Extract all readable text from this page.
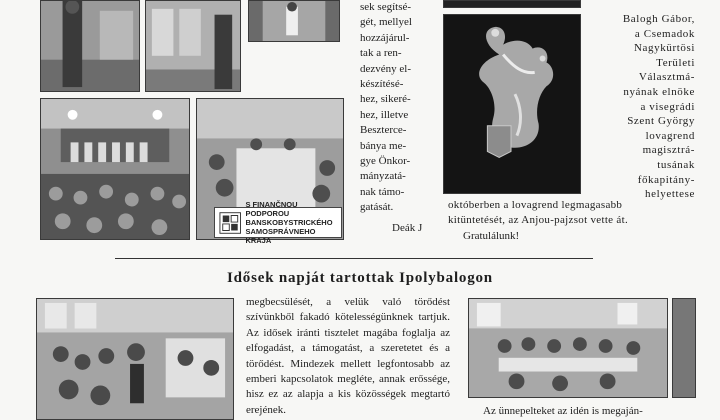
S FINANČNOU PODPOROU
BANSKOBYSTRICKÉHO
SAMOSPRÁVNEHO KRAJA

sek segítsé-

gét, mellyel

hozzájárul-

tak a ren-

dezvény el-

készítésé-

hez, sikeré-

hez, illetve

Beszterce-

bánya me-

gye Önkor-

mányzatá-

nak támo-

gatását.

Deák J
Balogh Gábor,
a Csemadok
Nagykürtösi
Területi
Választmá-
nyának elnöke
a visegrádi
Szent György
lovagrend
magisztrá-
tusának
főkapitány-
helyettese
októberben a lovagrend legmagasabb
kitüntetését, az Anjou-pajzsot vette át.
Gratulálunk!
Idősek napját tartottak Ipolybalogon
megbecsülését, a velük való törődést szívünkből fakadó kötelességünknek tartjuk. Az idősek iránti tisztelet magába foglalja az elfogadást, a támogatást, a szeretetet és a törődést. Mindezek mellett legfontosabb az emberi kapcsolatok megléte, annak erőssége, hisz ez az alapja a kis közösségek megtartó erejének.	Az ünnepelteket az idén is megaján-
